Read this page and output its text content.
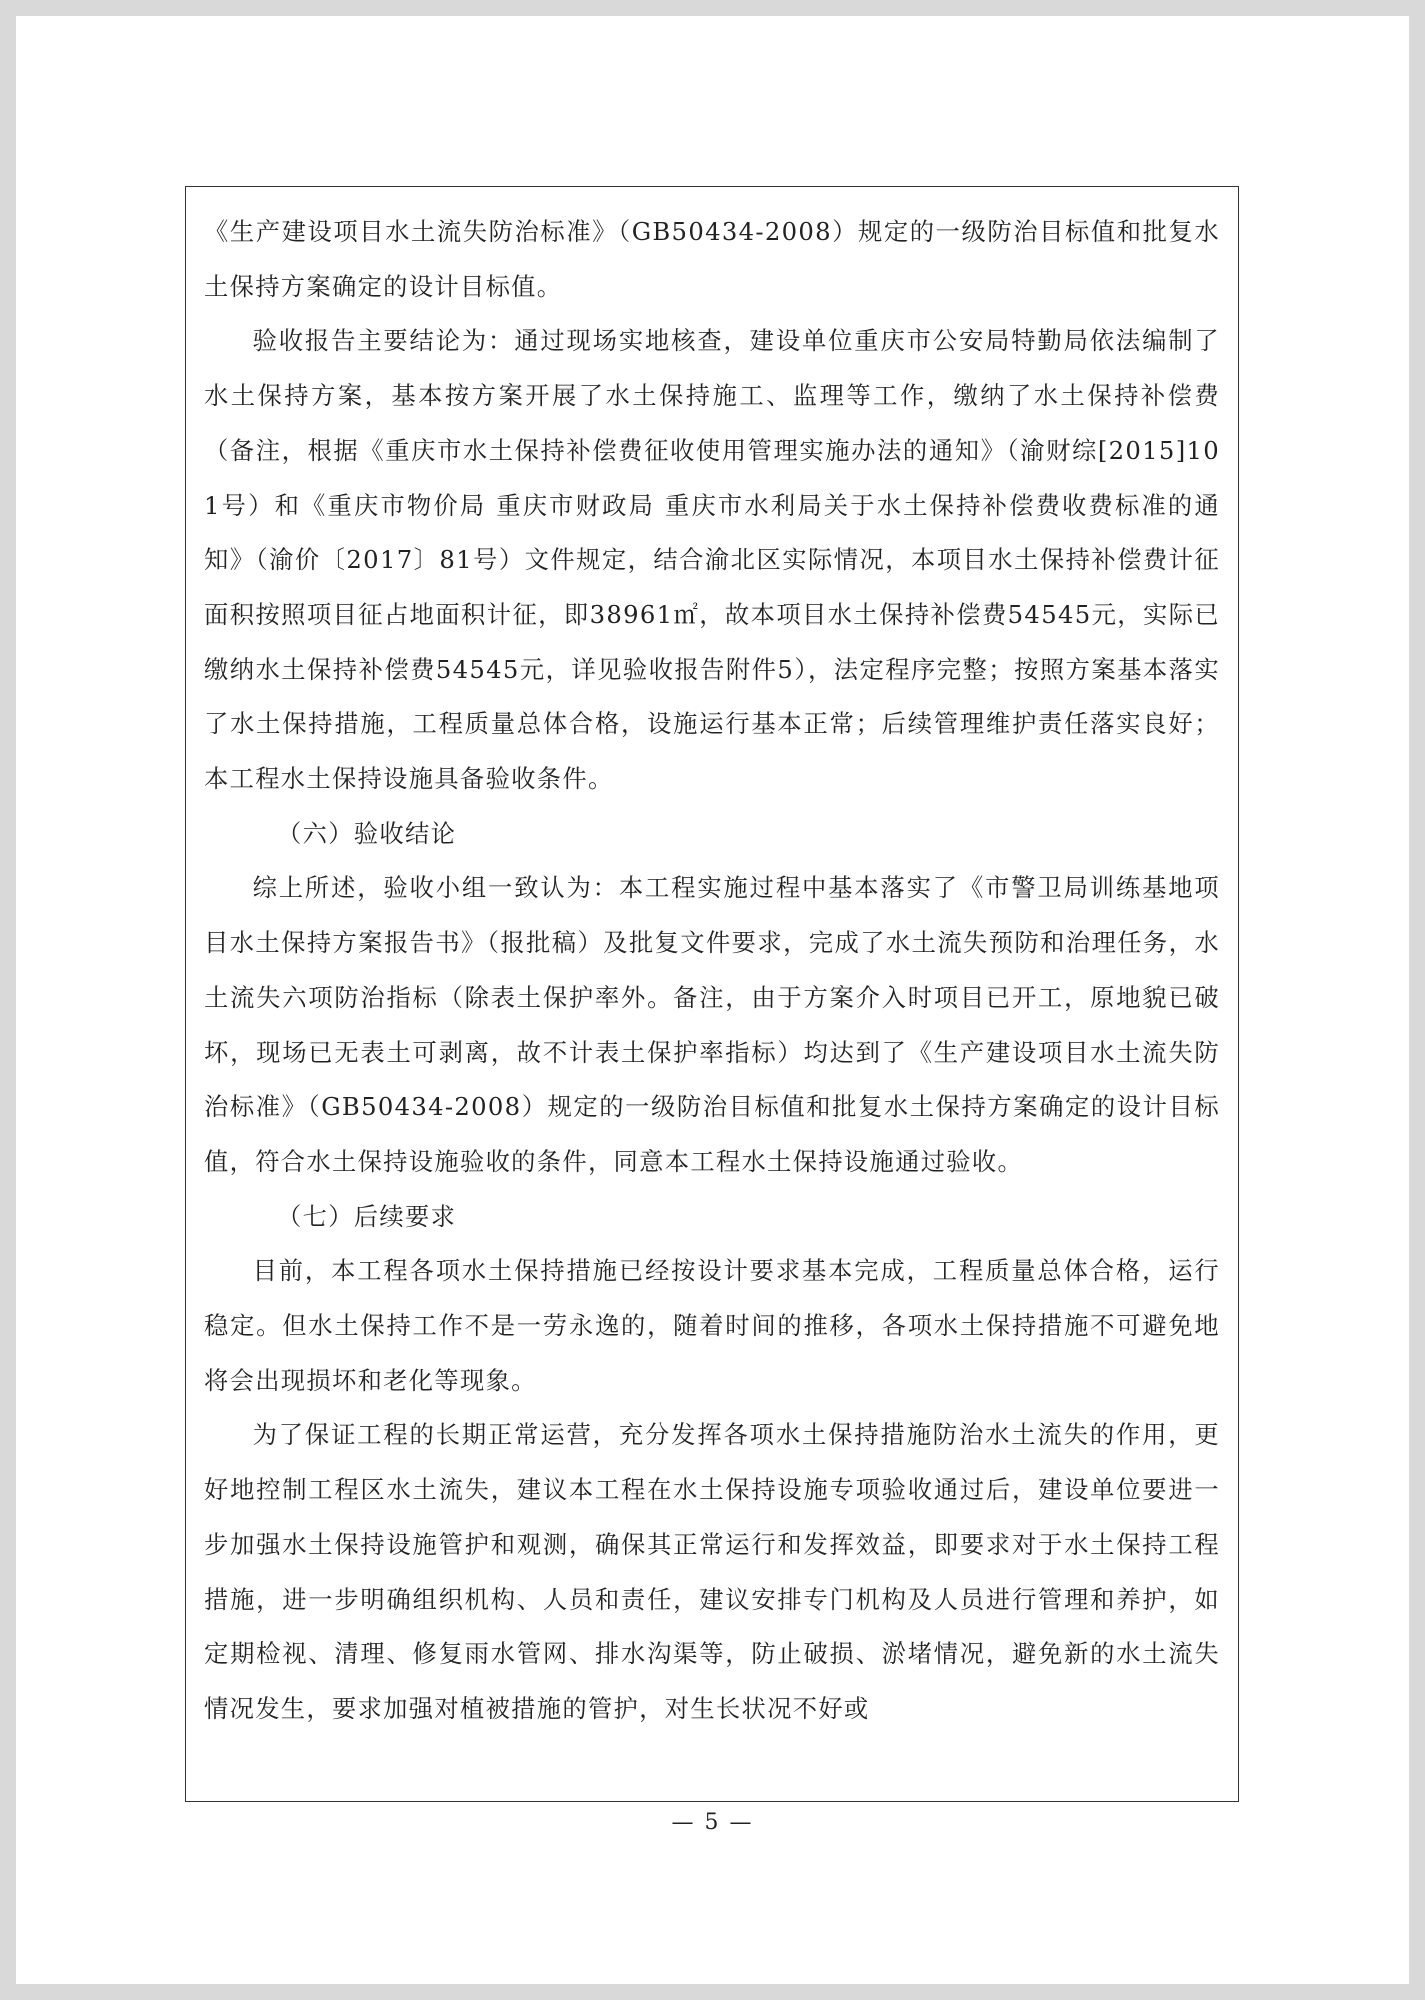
《生产建设项目水土流失防治标准》（GB50434-2008）规定的一级防治目标值和批复水土保持方案确定的设计目标值。

验收报告主要结论为：通过现场实地核查，建设单位重庆市公安局特勤局依法编制了水土保持方案，基本按方案开展了水土保持施工、监理等工作，缴纳了水土保持补偿费（备注，根据《重庆市水土保持补偿费征收使用管理实施办法的通知》（渝财综[2015]101号）和《重庆市物价局 重庆市财政局 重庆市水利局关于水土保持补偿费收费标准的通知》（渝价〔2017〕81号）文件规定，结合渝北区实际情况，本项目水土保持补偿费计征面积按照项目征占地面积计征，即38961㎡，故本项目水土保持补偿费54545元，实际已缴纳水土保持补偿费54545元，详见验收报告附件5），法定程序完整；按照方案基本落实了水土保持措施，工程质量总体合格，设施运行基本正常；后续管理维护责任落实良好；本工程水土保持设施具备验收条件。

（六）验收结论

综上所述，验收小组一致认为：本工程实施过程中基本落实了《市警卫局训练基地项目水土保持方案报告书》（报批稿）及批复文件要求，完成了水土流失预防和治理任务，水土流失六项防治指标（除表土保护率外。备注，由于方案介入时项目已开工，原地貌已破坏，现场已无表土可剥离，故不计表土保护率指标）均达到了《生产建设项目水土流失防治标准》（GB50434-2008）规定的一级防治目标值和批复水土保持方案确定的设计目标值，符合水土保持设施验收的条件，同意本工程水土保持设施通过验收。

（七）后续要求

目前，本工程各项水土保持措施已经按设计要求基本完成，工程质量总体合格，运行稳定。但水土保持工作不是一劳永逸的，随着时间的推移，各项水土保持措施不可避免地将会出现损坏和老化等现象。

为了保证工程的长期正常运营，充分发挥各项水土保持措施防治水土流失的作用，更好地控制工程区水土流失，建议本工程在水土保持设施专项验收通过后，建设单位要进一步加强水土保持设施管护和观测，确保其正常运行和发挥效益，即要求对于水土保持工程措施，进一步明确组织机构、人员和责任，建议安排专门机构及人员进行管理和养护，如定期检视、清理、修复雨水管网、排水沟渠等，防止破损、淤堵情况，避免新的水土流失情况发生，要求加强对植被措施的管护，对生长状况不好或

— 5 —
